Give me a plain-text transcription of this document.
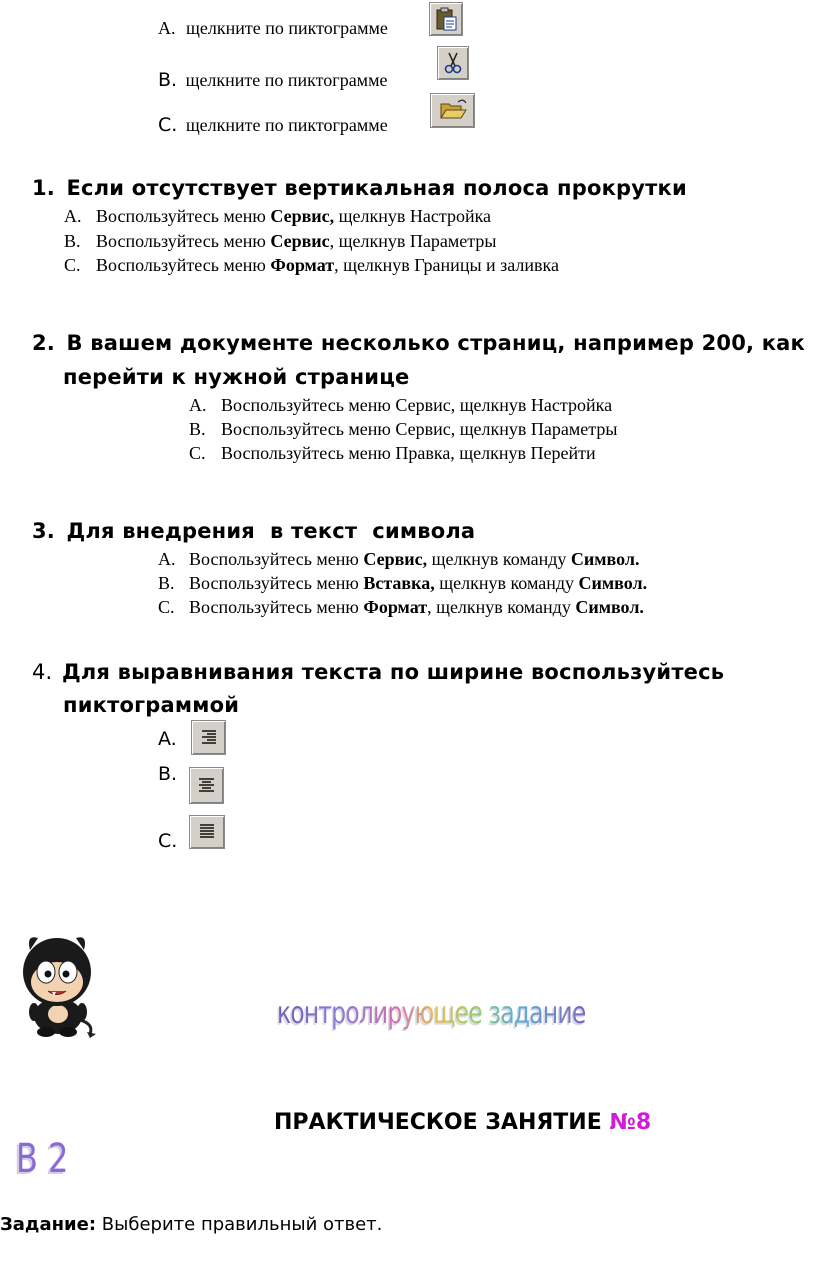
A. щелкните по пиктограмме
B. щелкните по пиктограмме
C. щелкните по пиктограмме
1. Если отсутствует вертикальная полоса прокрутки
A. Воспользуйтесь меню Сервис, щелкнув Настройка
B. Воспользуйтесь меню Сервис, щелкнув Параметры
C. Воспользуйтесь меню Формат, щелкнув Границы и заливка
2. В вашем документе несколько страниц, например 200, как
перейти к нужной странице
A. Воспользуйтесь меню Сервис, щелкнув Настройка
B. Воспользуйтесь меню Сервис, щелкнув Параметры
C. Воспользуйтесь меню Правка, щелкнув Перейти
3. Для внедрения  в текст  символа
A. Воспользуйтесь меню Сервис, щелкнув команду Символ.
B. Воспользуйтесь меню Вставка, щелкнув команду Символ.
C. Воспользуйтесь меню Формат, щелкнув команду Символ.
4. Для выравнивания текста по ширине воспользуйтесь
пиктограммой
A.
B.
C.
контролирующее задание
ПРАКТИЧЕСКОЕ ЗАНЯТИЕ №8
В 2
Задание: Выберите правильный ответ.
